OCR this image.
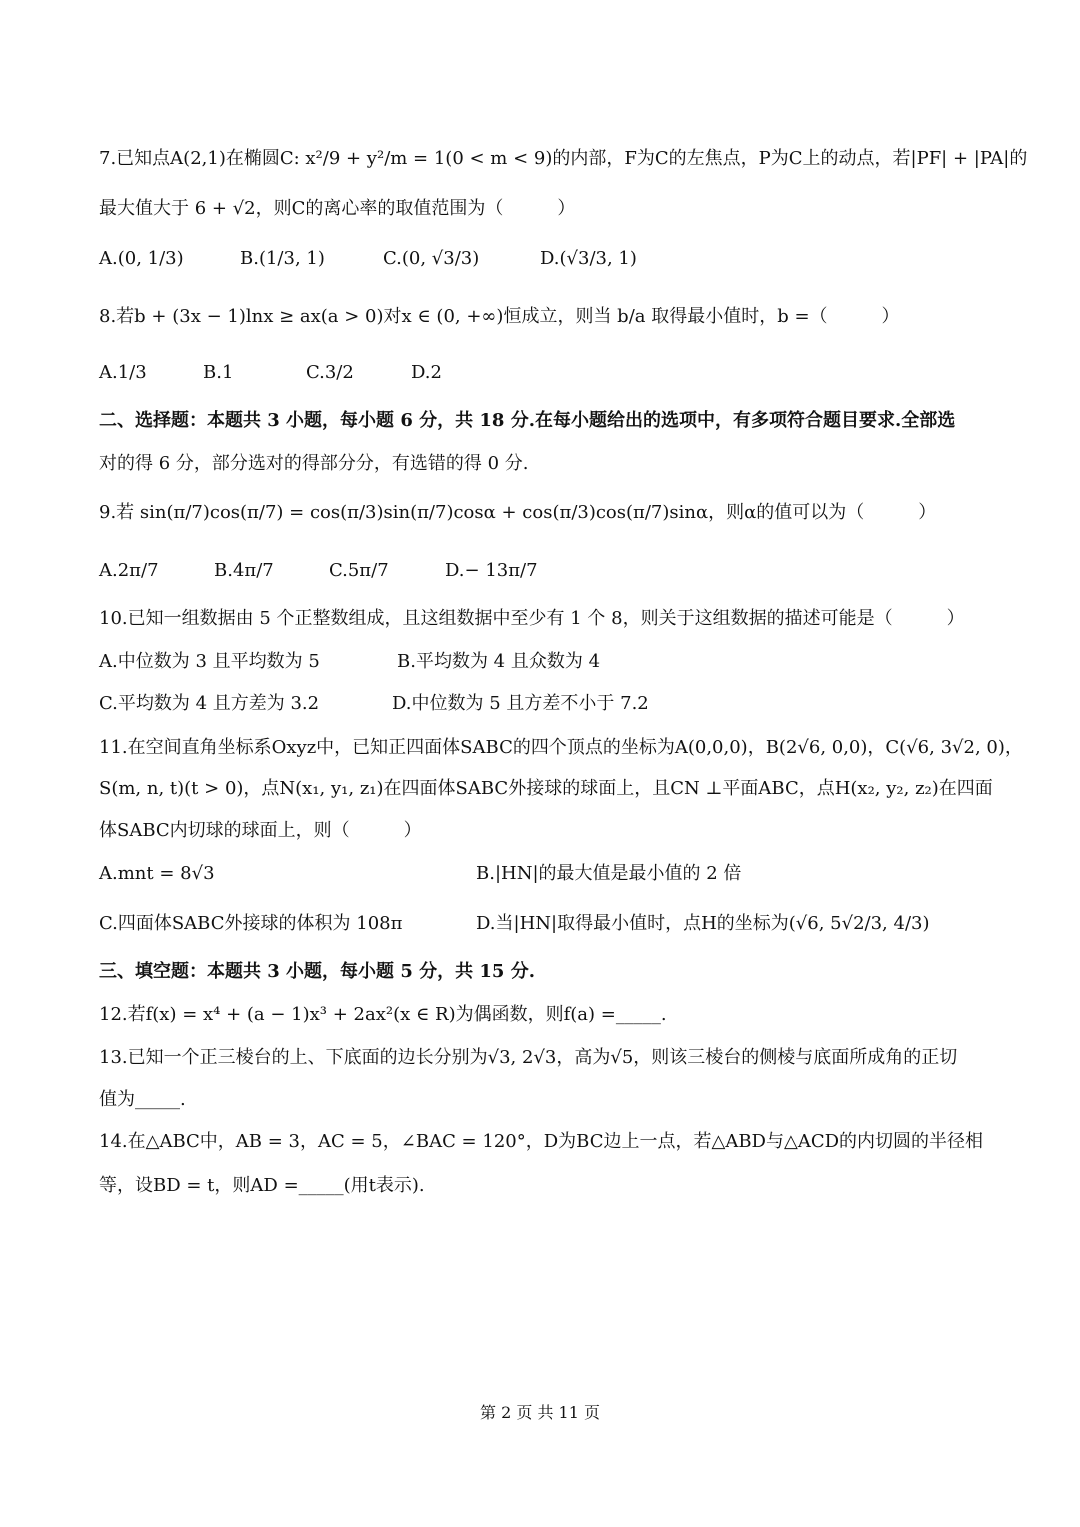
7.已知点A(2,1)在椭圆C: x²/9 + y²/m = 1(0 < m < 9)的内部，F为C的左焦点，P为C上的动点，若|PF| + |PA|的
最大值大于 6 + √2，则C的离心率的取值范围为（　　　）
A.(0, 1/3)	B.(1/3, 1)	C.(0, √3/3)	D.(√3/3, 1)
8.若b + (3x − 1)lnx ≥ ax(a > 0)对x ∈ (0, +∞)恒成立，则当 b/a 取得最小值时，b =（　　　）
A.1/3	B.1	C.3/2	D.2
二、选择题：本题共 3 小题，每小题 6 分，共 18 分.在每小题给出的选项中，有多项符合题目要求.全部选
对的得 6 分，部分选对的得部分分，有选错的得 0 分.
9.若 sin(π/7)cos(π/7) = cos(π/3)sin(π/7)cosα + cos(π/3)cos(π/7)sinα，则α的值可以为（　　　）
A.2π/7	B.4π/7	C.5π/7	D.− 13π/7
10.已知一组数据由 5 个正整数组成，且这组数据中至少有 1 个 8，则关于这组数据的描述可能是（　　　）
A.中位数为 3 且平均数为 5	B.平均数为 4 且众数为 4
C.平均数为 4 且方差为 3.2	D.中位数为 5 且方差不小于 7.2
11.在空间直角坐标系Oxyz中，已知正四面体SABC的四个顶点的坐标为A(0,0,0)，B(2√6, 0,0)，C(√6, 3√2, 0)，
S(m, n, t)(t > 0)，点N(x₁, y₁, z₁)在四面体SABC外接球的球面上，且CN ⊥平面ABC，点H(x₂, y₂, z₂)在四面
体SABC内切球的球面上，则（　　　）
A.mnt = 8√3	B.|HN|的最大值是最小值的 2 倍
C.四面体SABC外接球的体积为 108π	D.当|HN|取得最小值时，点H的坐标为(√6, 5√2/3, 4/3)
三、填空题：本题共 3 小题，每小题 5 分，共 15 分.
12.若f(x) = x⁴ + (a − 1)x³ + 2ax²(x ∈ R)为偶函数，则f(a) =_____.
13.已知一个正三棱台的上、下底面的边长分别为√3, 2√3，高为√5，则该三棱台的侧棱与底面所成角的正切
值为_____.
14.在△ABC中，AB = 3，AC = 5，∠BAC = 120°，D为BC边上一点，若△ABD与△ACD的内切圆的半径相
等，设BD = t，则AD =_____(用t表示).
第 2 页 共 11 页
